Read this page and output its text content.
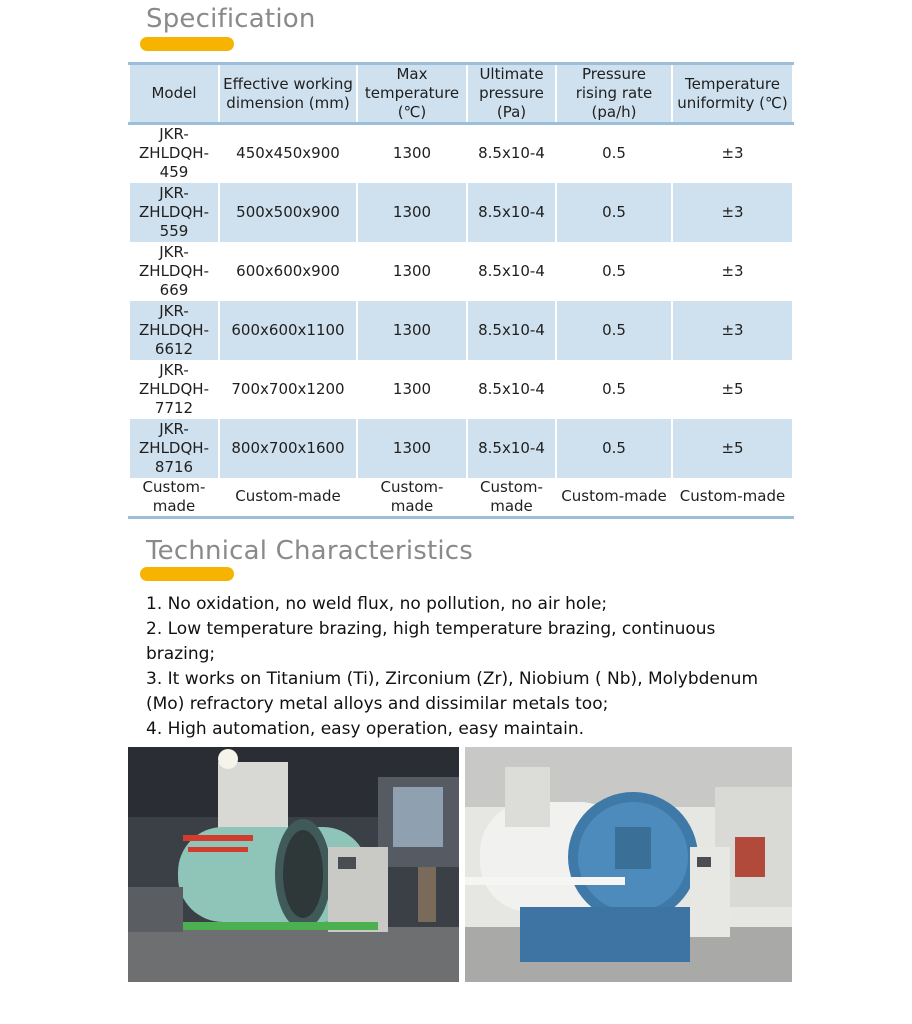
Specification
Model	Effective working dimension (mm)	Max temperature (℃)	Ultimate pressure (Pa)	Pressure rising rate (pa/h)	Temperature uniformity (℃)
JKR-ZHLDQH-459	450x450x900	1300	8.5x10-4	0.5	±3
JKR-ZHLDQH-559	500x500x900	1300	8.5x10-4	0.5	±3
JKR-ZHLDQH-669	600x600x900	1300	8.5x10-4	0.5	±3
JKR-ZHLDQH-6612	600x600x1100	1300	8.5x10-4	0.5	±3
JKR-ZHLDQH-7712	700x700x1200	1300	8.5x10-4	0.5	±5
JKR-ZHLDQH-8716	800x700x1600	1300	8.5x10-4	0.5	±5
Custom-made	Custom-made	Custom-made	Custom-made	Custom-made	Custom-made
Technical Characteristics
1. No oxidation, no weld flux, no pollution, no air hole;
2. Low temperature brazing, high temperature brazing, continuous brazing;
3. It works on Titanium (Ti), Zirconium (Zr), Niobium ( Nb), Molybdenum (Mo) refractory metal alloys and dissimilar metals too;
4. High automation, easy operation, easy maintain.
